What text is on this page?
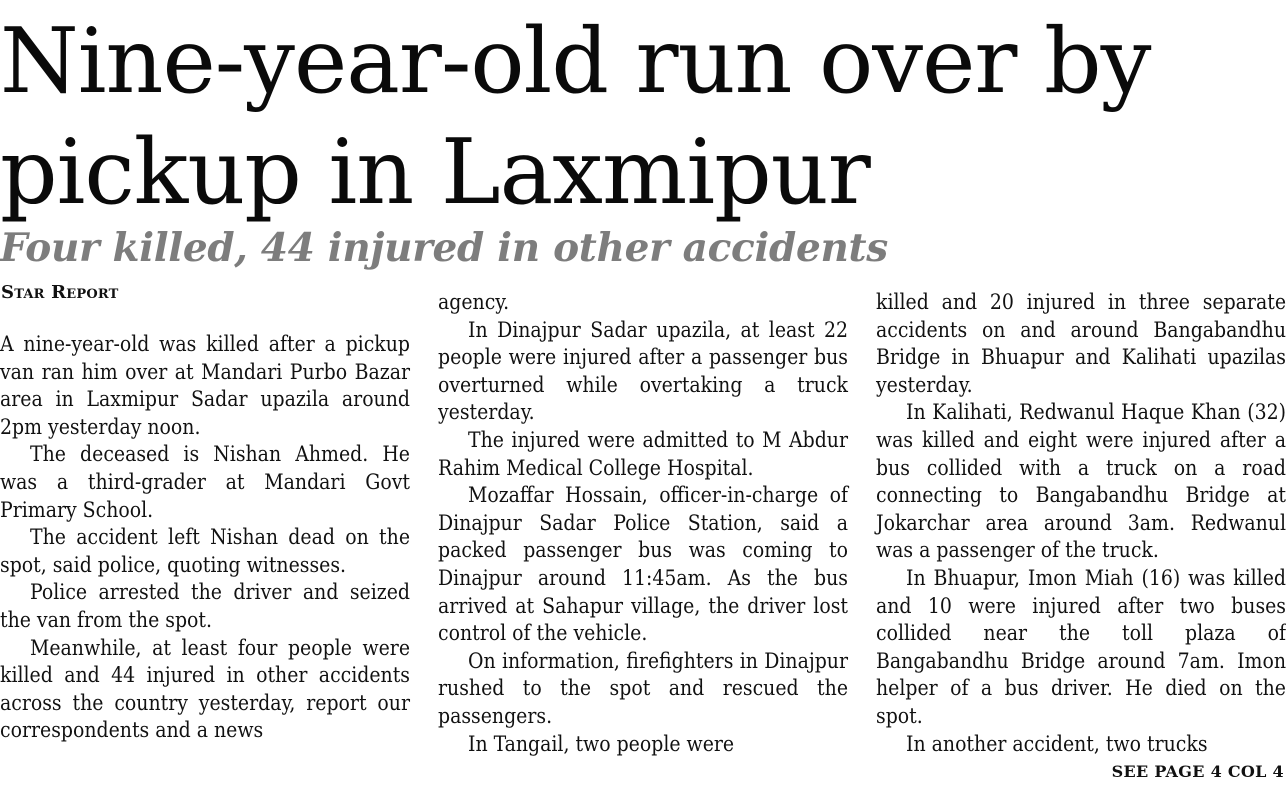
Nine-year-old run over by
pickup in Laxmipur
Four killed, 44 injured in other accidents
Star Report

A nine-year-old was killed after a pickup van ran him over at Mandari Purbo Bazar area in Laxmipur Sadar upazila around 2pm yesterday noon.

The deceased is Nishan Ahmed. He was a third-grader at Mandari Govt Primary School.

The accident left Nishan dead on the spot, said police, quoting witnesses.

Police arrested the driver and seized the van from the spot.

Meanwhile, at least four people were killed and 44 injured in other accidents across the country yesterday, report our correspondents and a news

agency.

In Dinajpur Sadar upazila, at least 22 people were injured after a passenger bus overturned while overtaking a truck yesterday.

The injured were admitted to M Abdur Rahim Medical College Hospital.

Mozaffar Hossain, officer-in-charge of Dinajpur Sadar Police Station, said a packed passenger bus was coming to Dinajpur around 11:45am. As the bus arrived at Sahapur village, the driver lost control of the vehicle.

On information, firefighters in Dinajpur rushed to the spot and rescued the passengers.

In Tangail, two people were

killed and 20 injured in three separate accidents on and around Bangabandhu Bridge in Bhuapur and Kalihati upazilas yesterday.

In Kalihati, Redwanul Haque Khan (32) was killed and eight were injured after a bus collided with a truck on a road connecting to Bangabandhu Bridge at Jokarchar area around 3am. Redwanul was a passenger of the truck.

In Bhuapur, Imon Miah (16) was killed and 10 were injured after two buses collided near the toll plaza of Bangabandhu Bridge around 7am. Imon helper of a bus driver. He died on the spot.

In another accident, two trucks

SEE PAGE 4 COL 4
